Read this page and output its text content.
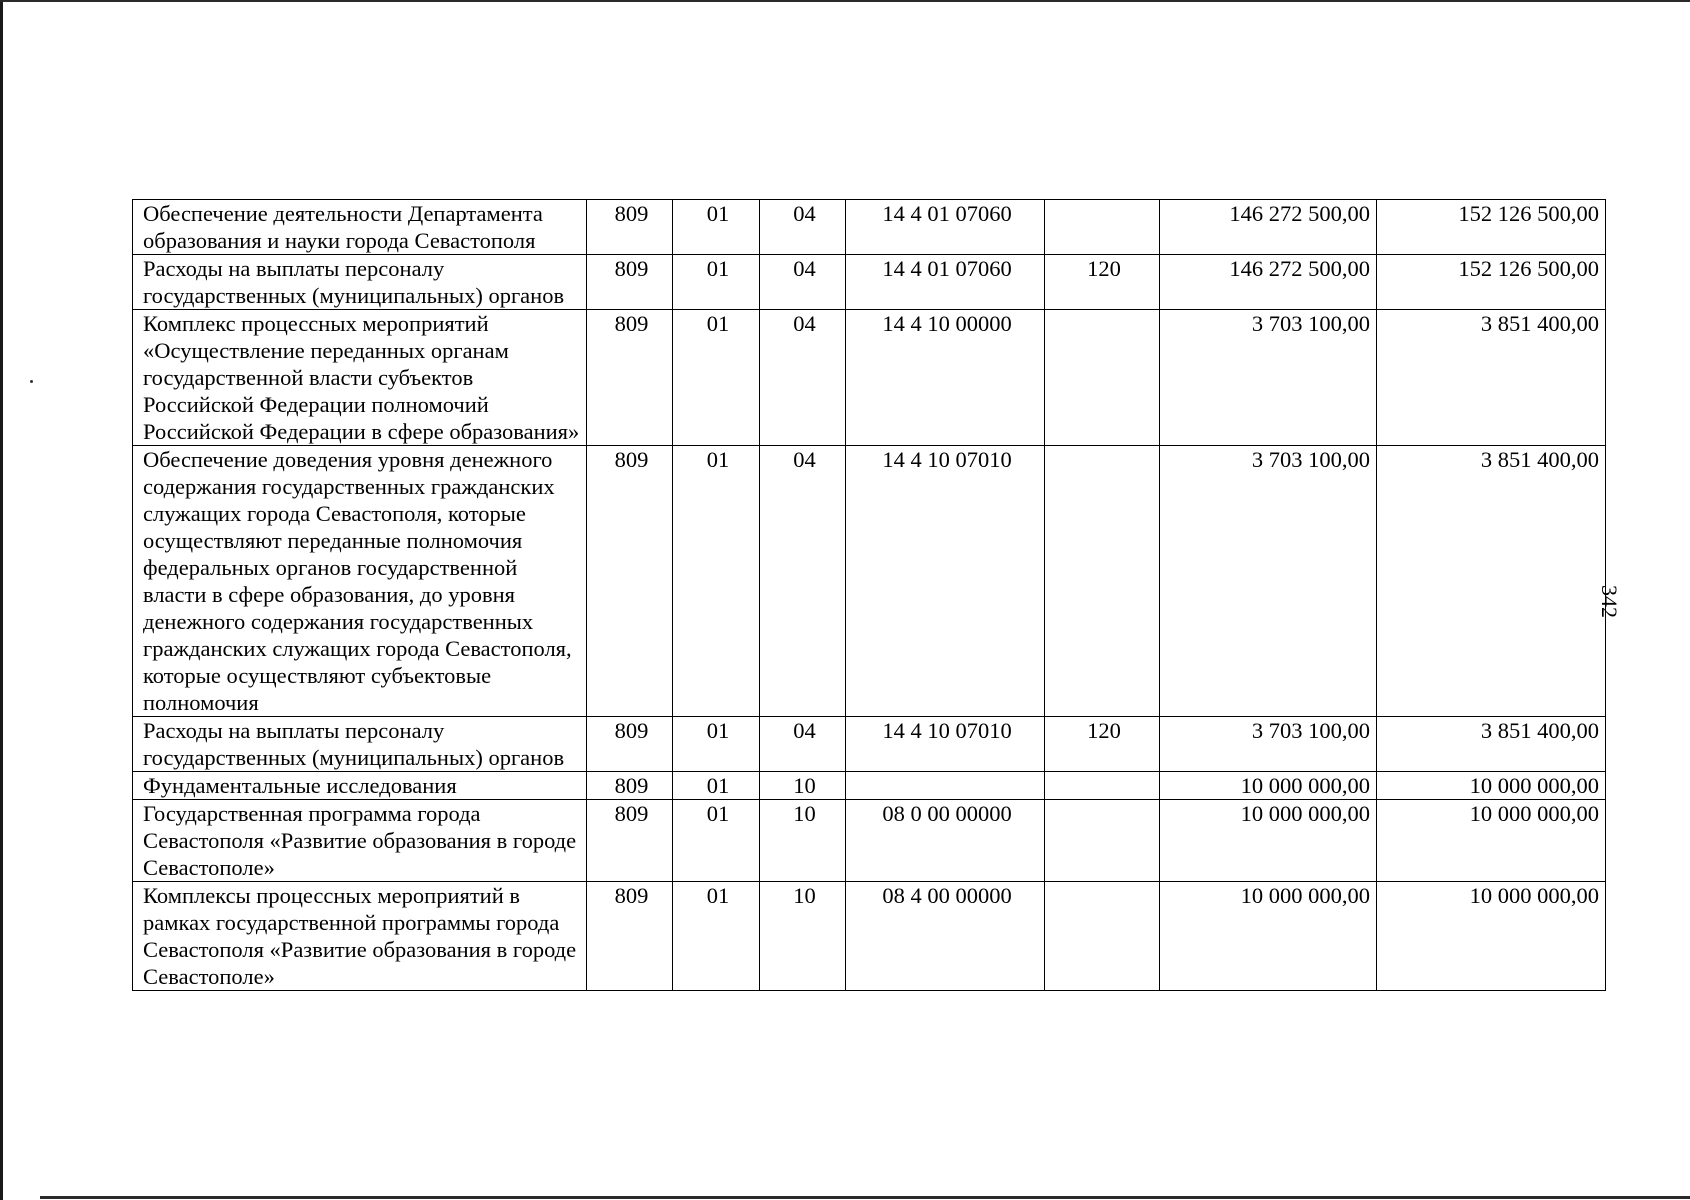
342
Обеспечение деятельности Департамента образования и науки города Севастополя	809	01	04	14 4 01 07060		146 272 500,00	152 126 500,00
Расходы на выплаты персоналу государственных (муниципальных) органов	809	01	04	14 4 01 07060	120	146 272 500,00	152 126 500,00
Комплекс процессных мероприятий «Осуществление переданных органам государственной власти субъектов Российской Федерации полномочий Российской Федерации в сфере образования»	809	01	04	14 4 10 00000		3 703 100,00	3 851 400,00
Обеспечение доведения уровня денежного содержания государственных гражданских служащих города Севастополя, которые осуществляют переданные полномочия федеральных органов государственной власти в сфере образования, до уровня денежного содержания государственных гражданских служащих города Севастополя, которые осуществляют субъектовые полномочия	809	01	04	14 4 10 07010		3 703 100,00	3 851 400,00
Расходы на выплаты персоналу государственных (муниципальных) органов	809	01	04	14 4 10 07010	120	3 703 100,00	3 851 400,00
Фундаментальные исследования	809	01	10			10 000 000,00	10 000 000,00
Государственная программа города Севастополя «Развитие образования в городе Севастополе»	809	01	10	08 0 00 00000		10 000 000,00	10 000 000,00
Комплексы процессных мероприятий в рамках государственной программы города Севастополя «Развитие образования в городе Севастополе»	809	01	10	08 4 00 00000		10 000 000,00	10 000 000,00
